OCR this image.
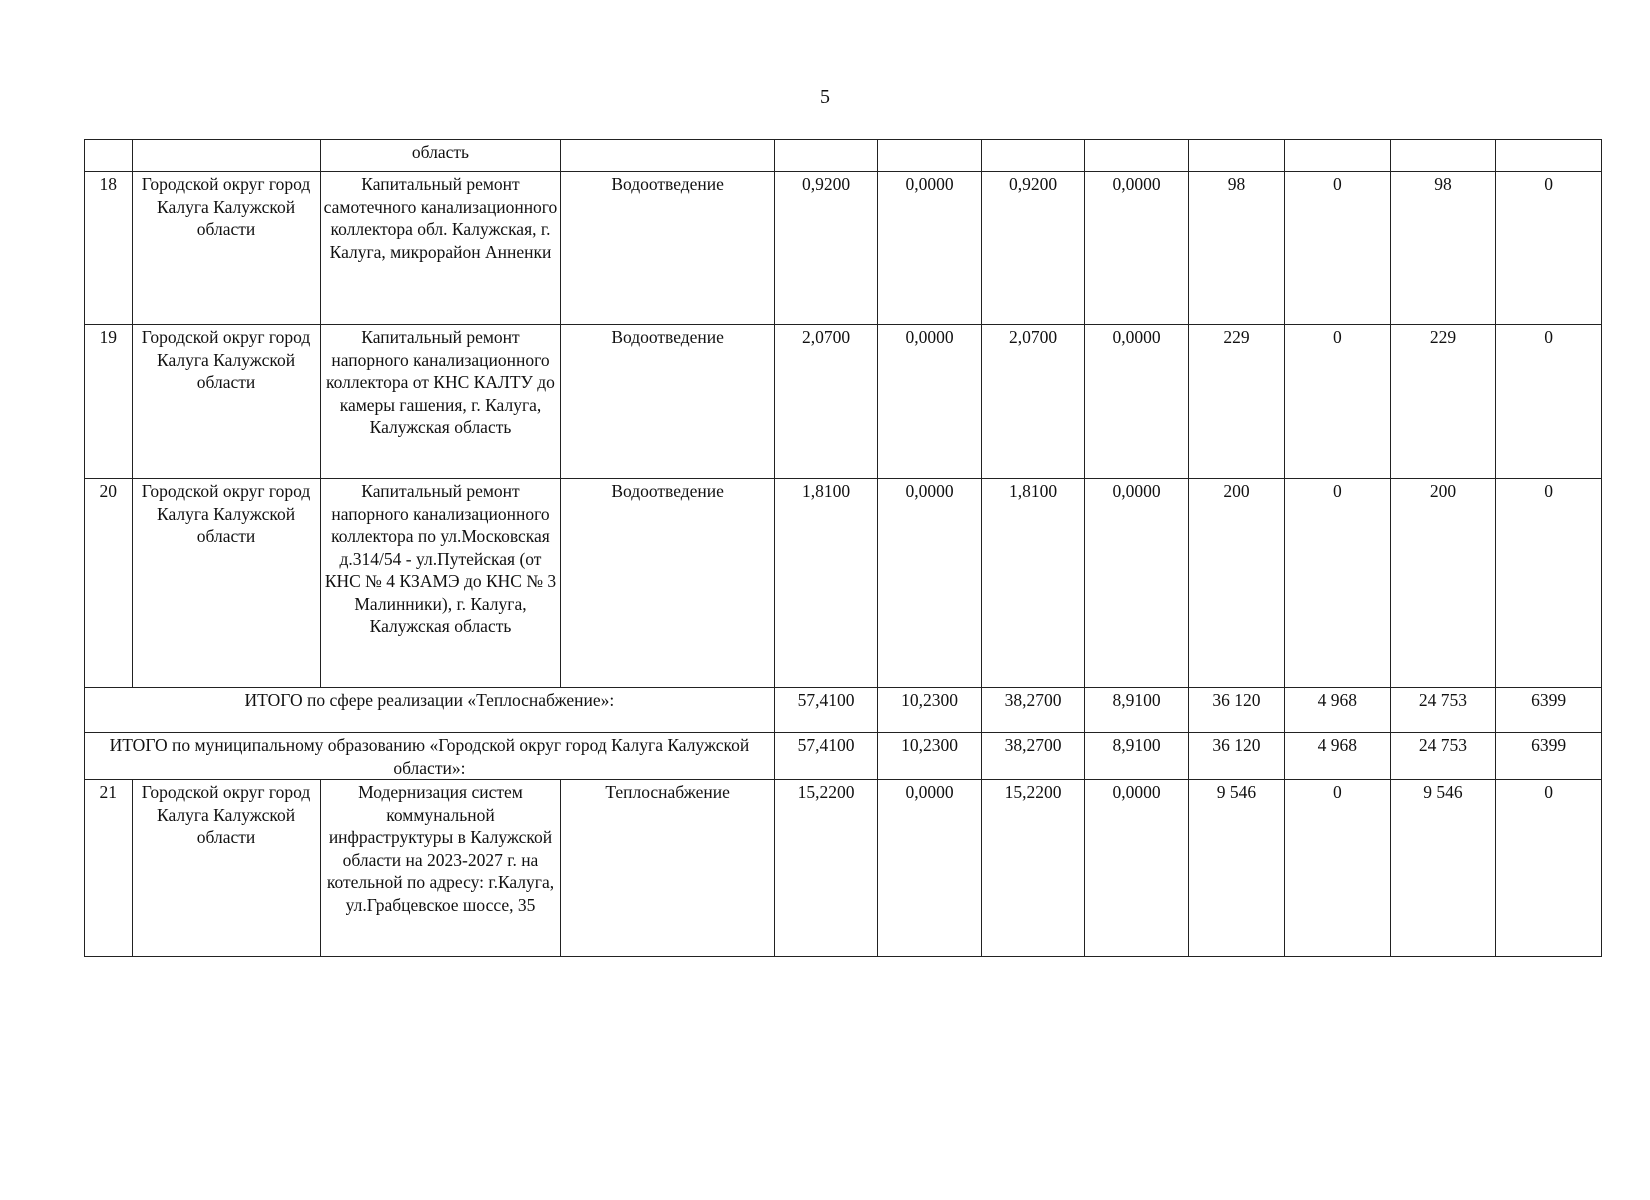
5
		область									
18	Городской округ город Калуга Калужской области	Капитальный ремонт самотечного канализационного коллектора обл. Калужская, г. Калуга, микрорайон Анненки	Водоотведение	0,9200	0,0000	0,9200	0,0000	98	0	98	0
19	Городской округ город Калуга Калужской области	Капитальный ремонт напорного канализационного коллектора от КНС КАЛТУ до камеры гашения, г. Калуга, Калужская область	Водоотведение	2,0700	0,0000	2,0700	0,0000	229	0	229	0
20	Городской округ город Калуга Калужской области	Капитальный ремонт напорного канализационного коллектора по ул.Московская д.314/54 - ул.Путейская (от КНС № 4 КЗАМЭ до КНС № 3 Малинники), г. Калуга, Калужская область	Водоотведение	1,8100	0,0000	1,8100	0,0000	200	0	200	0
ИТОГО по сфере реализации «Теплоснабжение»:				57,4100	10,2300	38,2700	8,9100	36 120	4 968	24 753	6399
ИТОГО по муниципальному образованию «Городской округ город Калуга Калужской области»:				57,4100	10,2300	38,2700	8,9100	36 120	4 968	24 753	6399
21	Городской округ город Калуга Калужской области	Модернизация систем коммунальной инфраструктуры в Калужской области на 2023-2027 г. на котельной по адресу: г.Калуга, ул.Грабцевское шоссе, 35	Теплоснабжение	15,2200	0,0000	15,2200	0,0000	9 546	0	9 546	0
